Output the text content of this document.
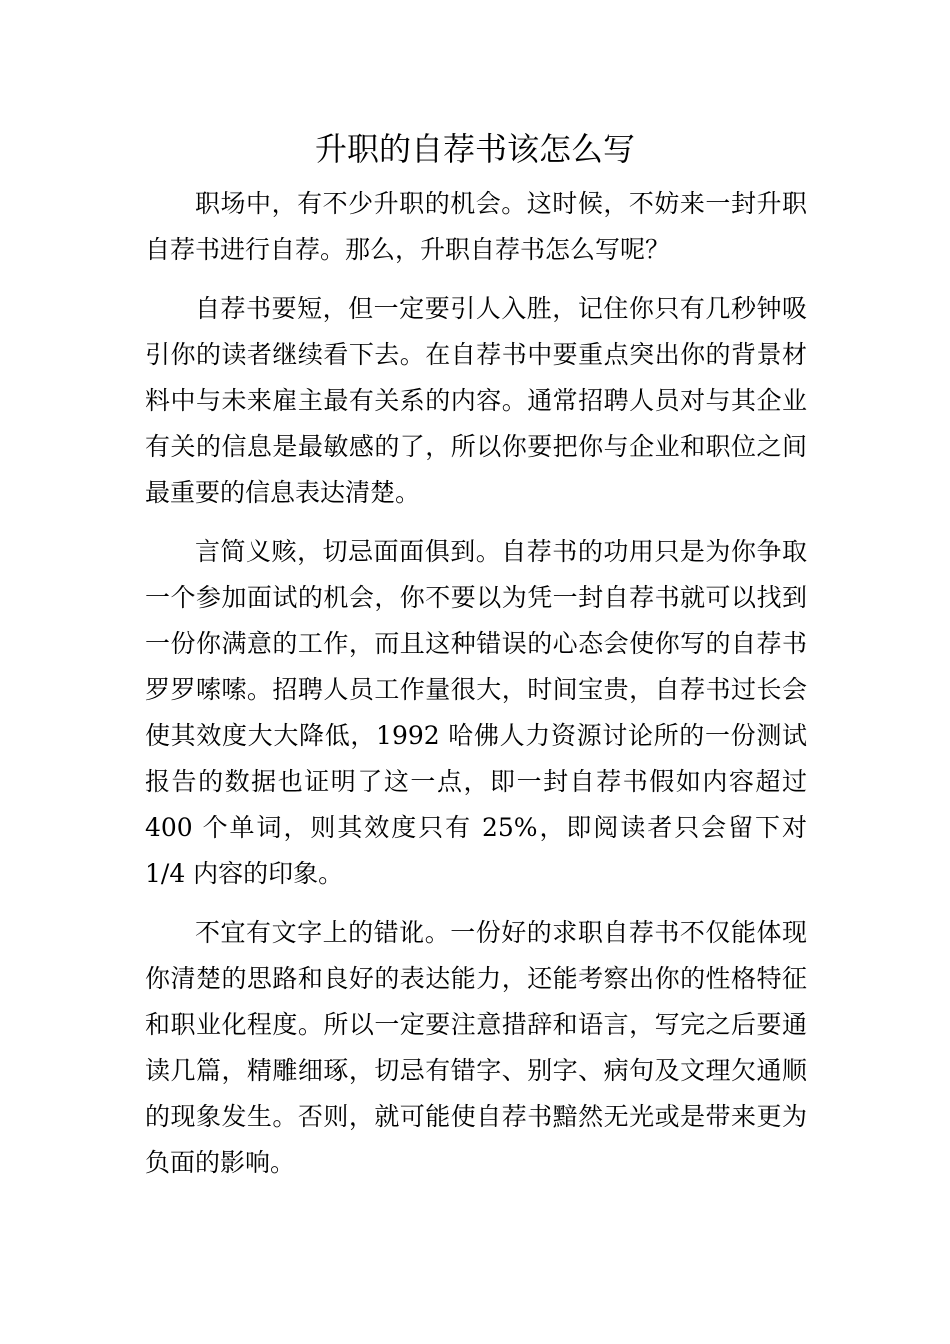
升职的自荐书该怎么写

职场中，有不少升职的机会。这时候，不妨来一封升职自荐书进行自荐。那么，升职自荐书怎么写呢？

自荐书要短，但一定要引人入胜，记住你只有几秒钟吸引你的读者继续看下去。在自荐书中要重点突出你的背景材料中与未来雇主最有关系的内容。通常招聘人员对与其企业有关的信息是最敏感的了，所以你要把你与企业和职位之间最重要的信息表达清楚。

言简义赅，切忌面面俱到。自荐书的功用只是为你争取一个参加面试的机会，你不要以为凭一封自荐书就可以找到一份你满意的工作，而且这种错误的心态会使你写的自荐书罗罗嗦嗦。招聘人员工作量很大，时间宝贵，自荐书过长会使其效度大大降低，1992 哈佛人力资源讨论所的一份测试报告的数据也证明了这一点，即一封自荐书假如内容超过 400 个单词，则其效度只有 25%，即阅读者只会留下对 1/4 内容的印象。

不宜有文字上的错讹。一份好的求职自荐书不仅能体现你清楚的思路和良好的表达能力，还能考察出你的性格特征和职业化程度。所以一定要注意措辞和语言，写完之后要通读几篇，精雕细琢，切忌有错字、别字、病句及文理欠通顺的现象发生。否则，就可能使自荐书黯然无光或是带来更为负面的影响。
